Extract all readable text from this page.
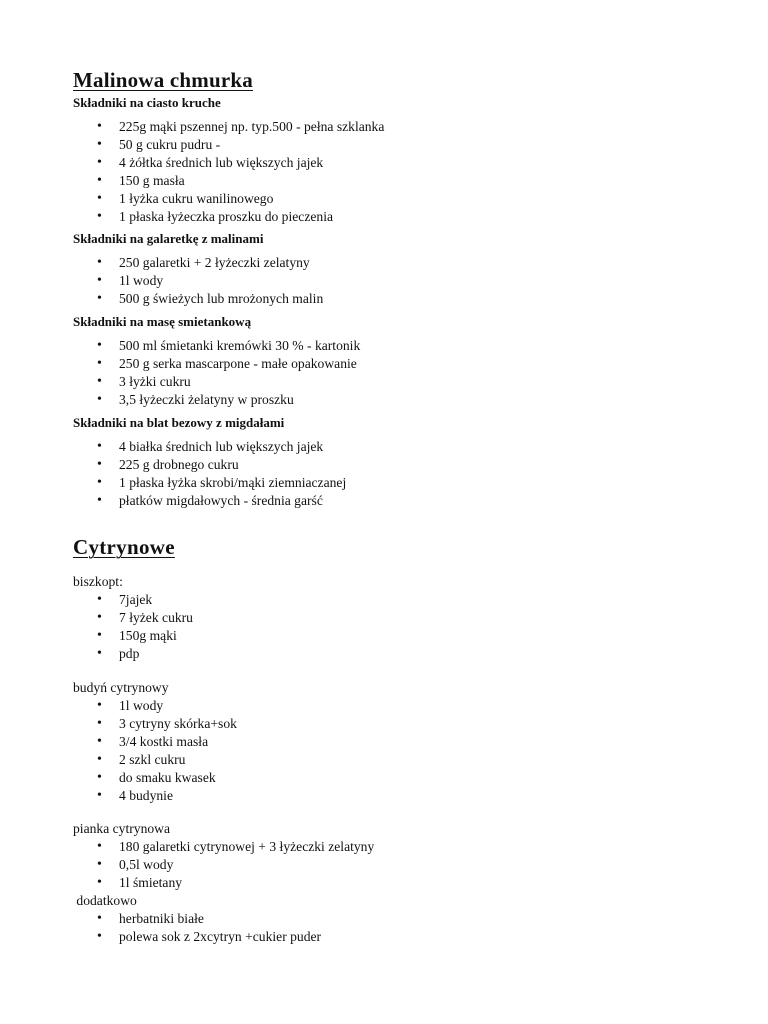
Malinowa chmurka

Składniki na ciasto kruche

• 225g mąki pszennej np. typ.500 - pełna szklanka
• 50 g cukru pudru -
• 4 żółtka średnich lub większych jajek
• 150 g masła
• 1 łyżka cukru wanilinowego
• 1 płaska łyżeczka proszku do pieczenia

Składniki na galaretkę z malinami

• 250 galaretki + 2 łyżeczki zelatyny
• 1l wody
• 500 g świeżych lub mrożonych malin

Składniki na masę smietankową

• 500 ml śmietanki kremówki 30 % - kartonik
• 250 g serka mascarpone - małe opakowanie
• 3 łyżki cukru
• 3,5 łyżeczki żelatyny w proszku

Składniki na blat bezowy z migdałami

• 4 białka średnich lub większych jajek
• 225 g drobnego cukru
• 1 płaska łyżka skrobi/mąki ziemniaczanej
• płatków migdałowych - średnia garść
Cytrynowe

biszkopt:

• 7jajek
• 7 łyżek cukru
• 150g mąki
• pdp

budyń cytrynowy

• 1l wody
• 3 cytryny skórka+sok
• 3/4 kostki masła
• 2 szkl cukru
• do smaku kwasek
• 4 budynie

pianka cytrynowa

• 180 galaretki cytrynowej + 3 łyżeczki zelatyny
• 0,5l wody
• 1l śmietany

dodatkowo

• herbatniki białe
• polewa sok z 2xcytryn +cukier puder
